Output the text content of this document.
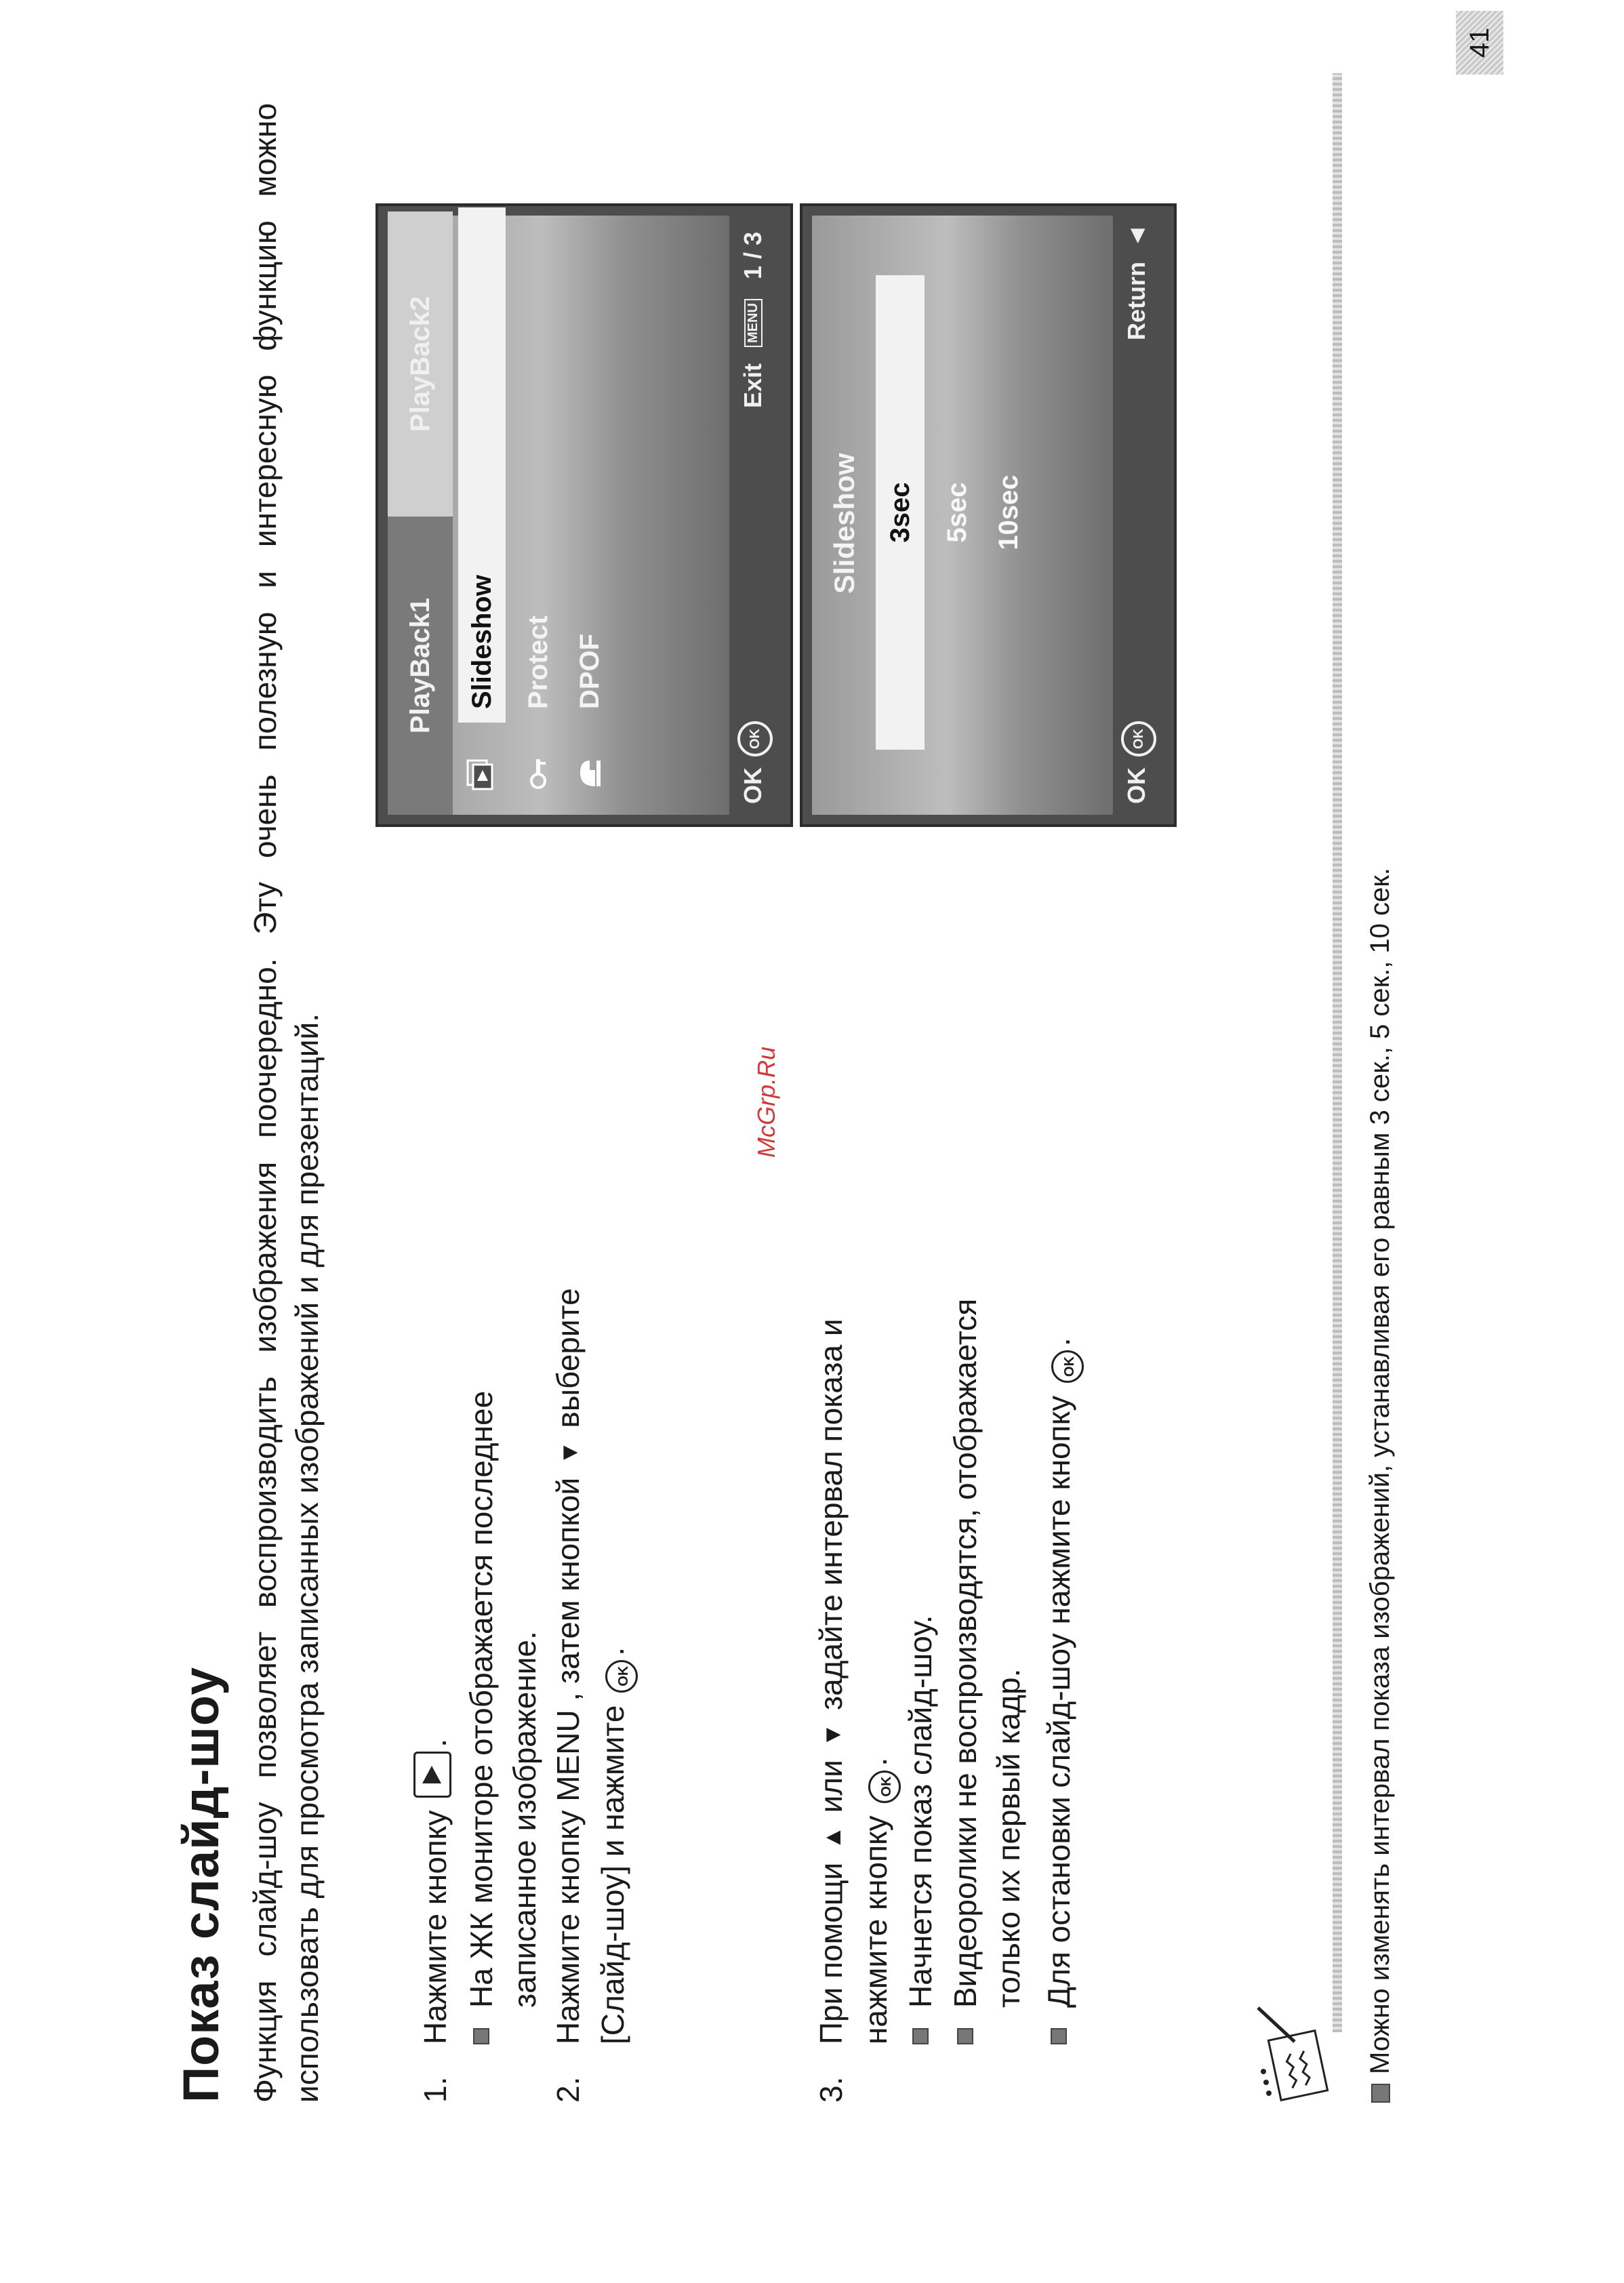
Показ слайд-шоу Функция слайд-шоу позволяет воспроизводить изображения поочередно. Эту очень полезную и интересную функцию можно использовать для просмотра записанных изображений и для презентаций.	1.
Нажмите кнопку . На ЖК мониторе отображается последнее записанное изображение.
2.
Нажмите кнопку MENU , затем кнопкой ▼ выберите [Слайд-шоу] и нажмите OK.
3.
При помощи ▲ или ▼ задайте интервал показа и нажмите кнопку OK. Начнется показ слайд-шоу. Видеоролики не воспроизводятся, отображается только их первый кадр. Для остановки слайд-шоу нажмите кнопку OK.
PlayBack1
PlayBack2
Slideshow Protect DPOF
OK
OK
Exit
MENU
1 / 3
Slideshow 3sec	5sec 10sec
OK
OK
Return
◄
McGrp.Ru	Можно изменять интервал показа изображений, устанавливая его равным 3 сек., 5 сек., 10 сек.
41
